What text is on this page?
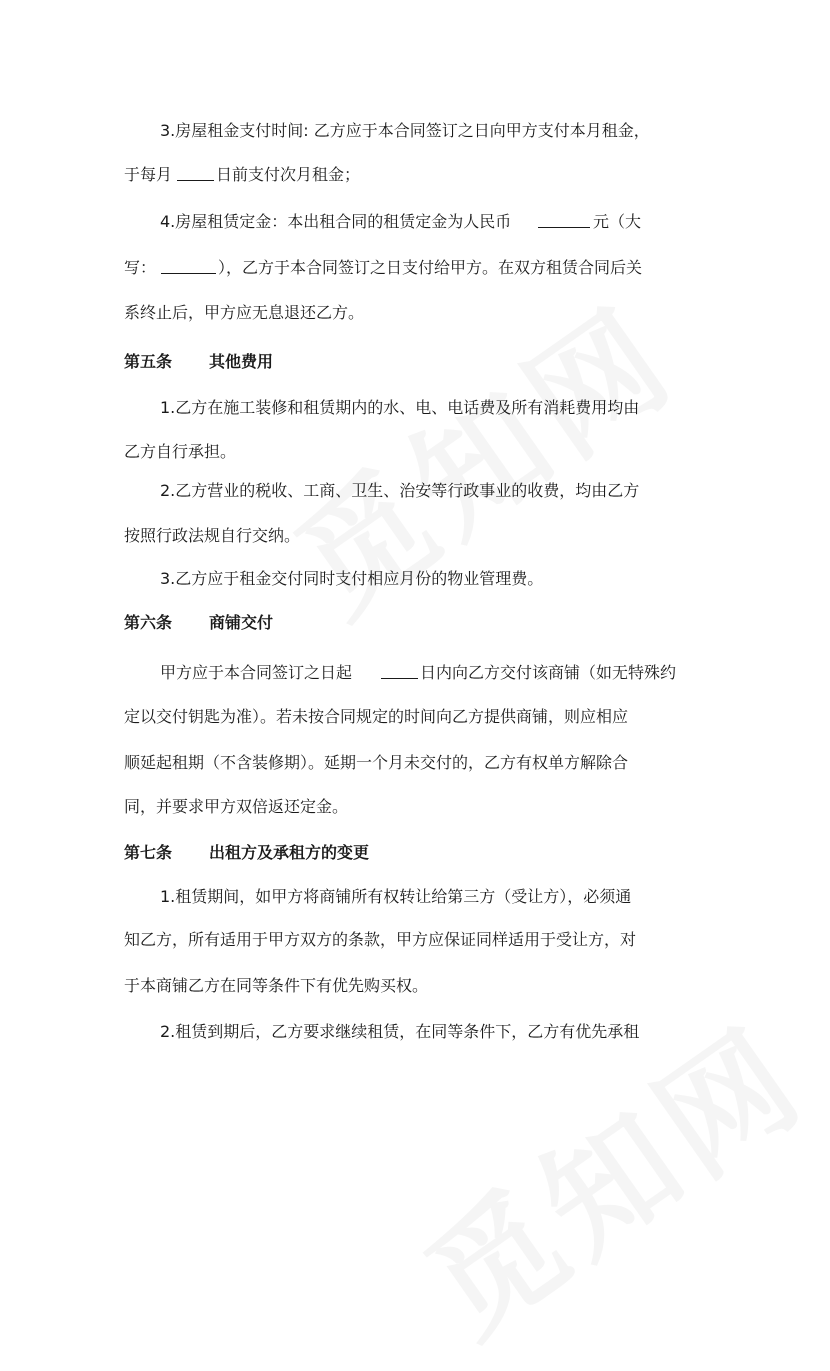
3.房屋租金支付时间: 乙方应于本合同签订之日向甲方支付本月租金，
于每月	日前支付次月租金；
4.房屋租赁定金：本出租合同的租赁定金为人民币	元（大
写：	），乙方于本合同签订之日支付给甲方。在双方租赁合同后关
系终止后，甲方应无息退还乙方。
第五条 其他费用
1.乙方在施工装修和租赁期内的水、电、电话费及所有消耗费用均由
乙方自行承担。
2.乙方营业的税收、工商、卫生、治安等行政事业的收费，均由乙方
按照行政法规自行交纳。
3.乙方应于租金交付同时支付相应月份的物业管理费。
第六条 商铺交付
甲方应于本合同签订之日起	日内向乙方交付该商铺（如无特殊约
定以交付钥匙为准）。若未按合同规定的时间向乙方提供商铺，则应相应
顺延起租期（不含装修期）。延期一个月未交付的，乙方有权单方解除合
同，并要求甲方双倍返还定金。
第七条 出租方及承租方的变更
1.租赁期间，如甲方将商铺所有权转让给第三方（受让方），必须通
知乙方，所有适用于甲方双方的条款，甲方应保证同样适用于受让方，对
于本商铺乙方在同等条件下有优先购买权。
2.租赁到期后，乙方要求继续租赁，在同等条件下，乙方有优先承租
